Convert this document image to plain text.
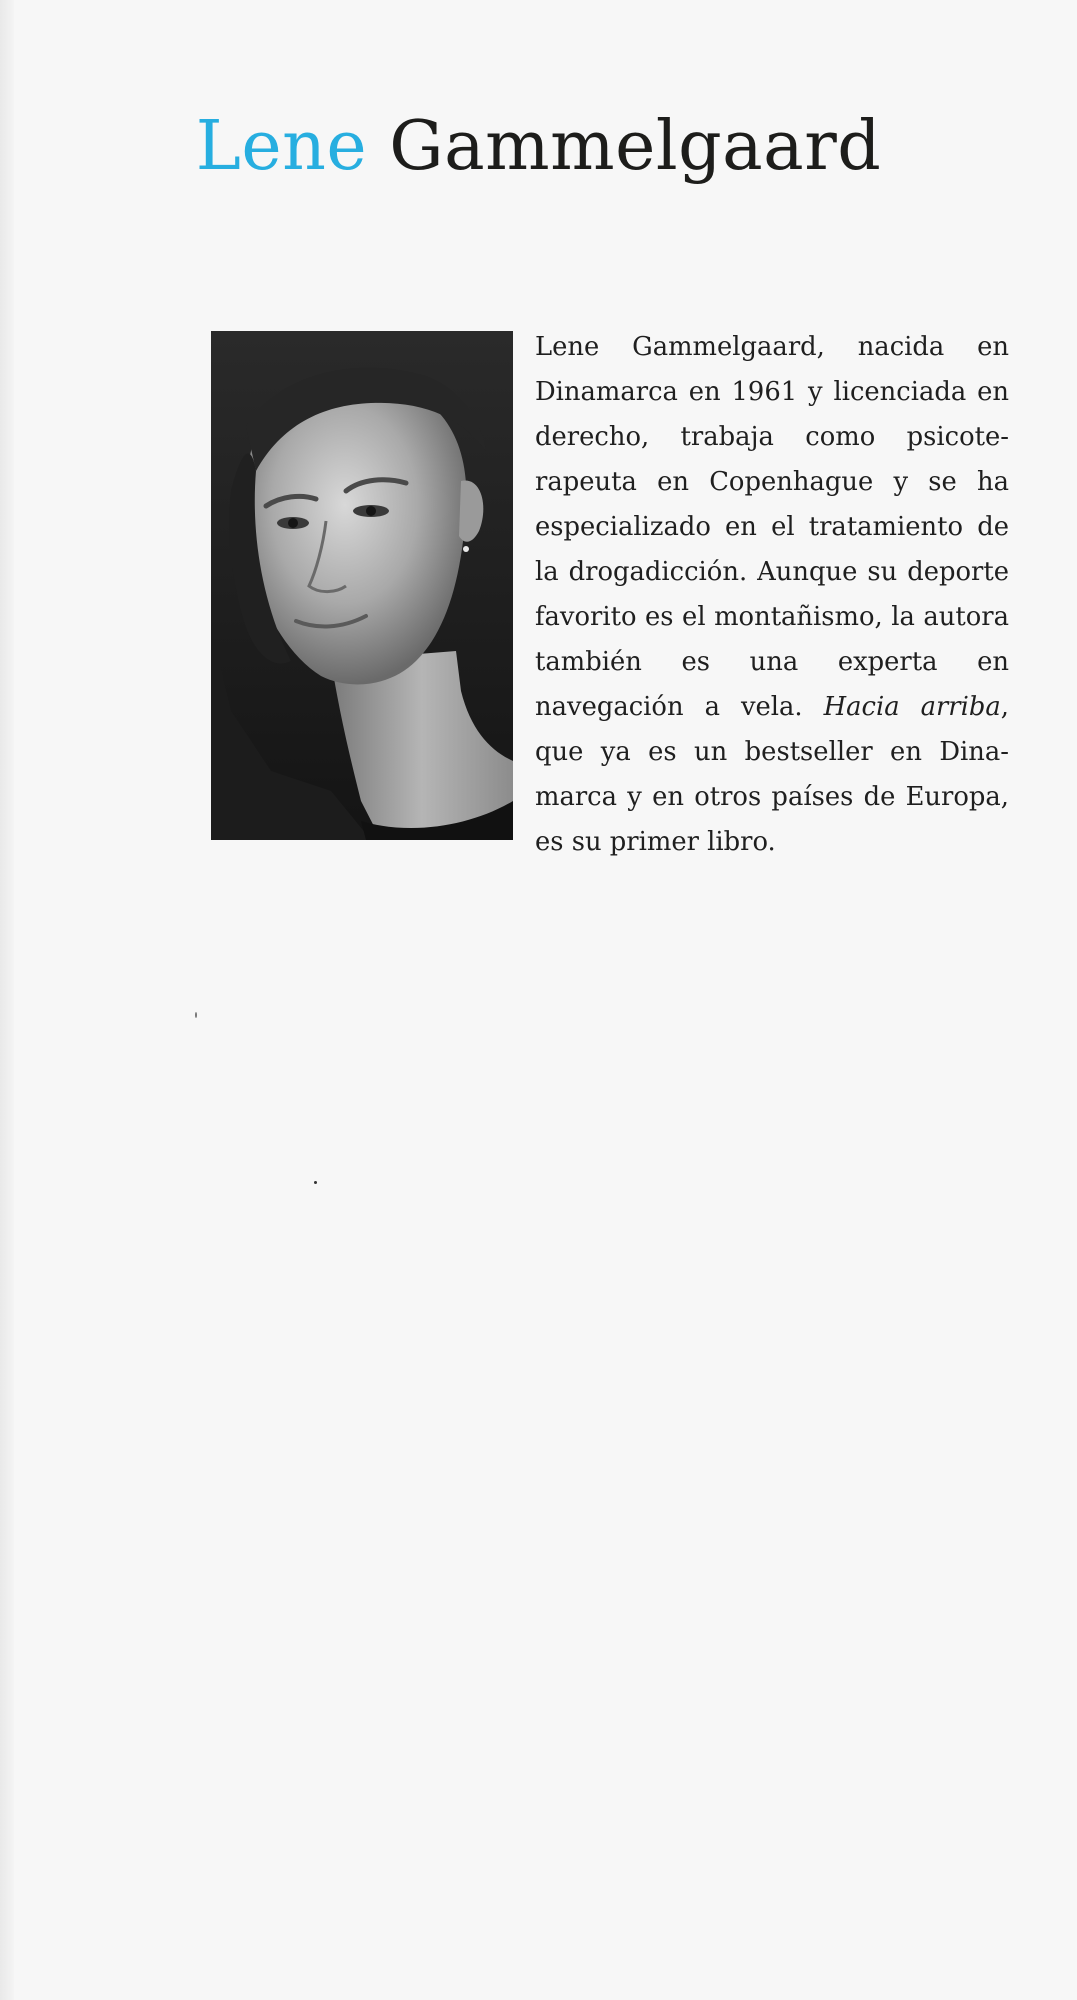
Lene Gammelgaard

Lene Gammelgaard, nacida en Dinamarca en 1961 y licenciada en derecho, trabaja como psicoterapeuta en Copenhague y se ha especializado en el tratamiento de la drogadicción. Aunque su deporte favorito es el montañismo, la autora también es una experta en navegación a vela. Hacia arriba, que ya es un bestseller en Dinamarca y en otros países de Europa, es su primer libro.
